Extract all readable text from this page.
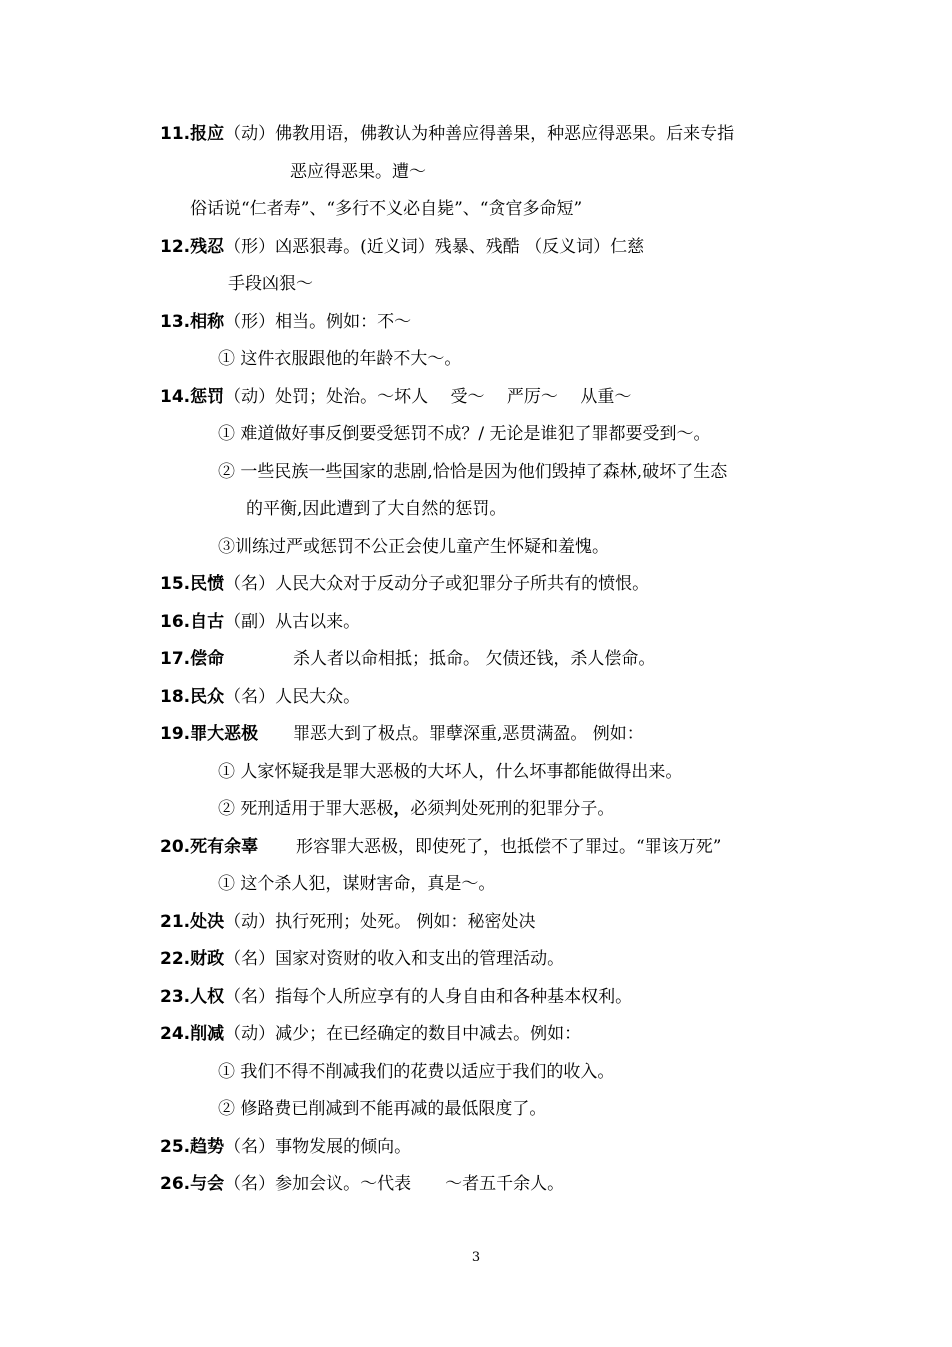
11.报应（动）佛教用语，佛教认为种善应得善果，种恶应得恶果。后来专指
恶应得恶果。遭～
俗话说“仁者寿”、“多行不义必自毙”、“贪官多命短”
12.残忍（形）凶恶狠毒。(近义词）残暴、残酷 （反义词）仁慈
手段凶狠～
13.相称（形）相当。例如：不～
① 这件衣服跟他的年龄不大～。
14.惩罚（动）处罚；处治。～坏人　 受～　 严厉～　 从重～
① 难道做好事反倒要受惩罚不成？/ 无论是谁犯了罪都要受到～。
② 一些民族一些国家的悲剧,恰恰是因为他们毁掉了森林,破坏了生态
的平衡,因此遭到了大自然的惩罚。
③训练过严或惩罚不公正会使儿童产生怀疑和羞愧。
15.民愤（名）人民大众对于反动分子或犯罪分子所共有的愤恨。
16.自古（副）从古以来。
17.偿命	杀人者以命相抵；抵命。 欠债还钱，杀人偿命。
18.民众（名）人民大众。
19.罪大恶极 罪恶大到了极点。罪孽深重,恶贯满盈。 例如：
① 人家怀疑我是罪大恶极的大坏人，什么坏事都能做得出来。
② 死刑适用于罪大恶极，必须判处死刑的犯罪分子。
20.死有余辜 形容罪大恶极，即使死了，也抵偿不了罪过。“罪该万死”
① 这个杀人犯，谋财害命，真是～。
21.处决（动）执行死刑；处死。 例如：秘密处决
22.财政（名）国家对资财的收入和支出的管理活动。
23.人权（名）指每个人所应享有的人身自由和各种基本权利。
24.削减（动）减少；在已经确定的数目中减去。例如：
① 我们不得不削减我们的花费以适应于我们的收入。
② 修路费已削减到不能再减的最低限度了。
25.趋势（名）事物发展的倾向。
26.与会（名）参加会议。～代表　　～者五千余人。
3
